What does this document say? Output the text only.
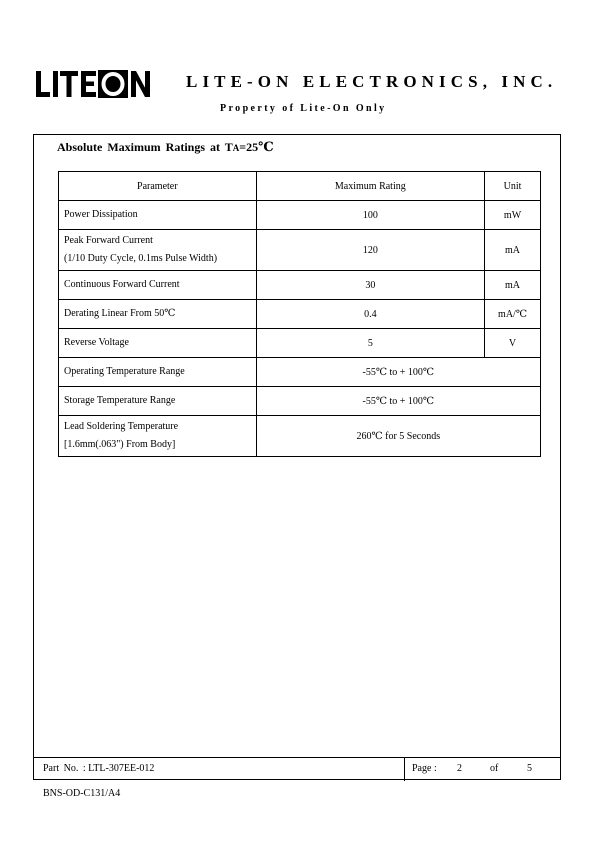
LITE-ON ELECTRONICS, INC.
Property of Lite-On Only
Absolute Maximum Ratings at TA=25℃
Parameter	Maximum Rating	Unit
Power Dissipation	100	mW

Peak Forward Current
(1/10 Duty Cycle, 0.1ms Pulse Width)	120	mA
Continuous Forward Current	30	mA
Derating Linear From 50℃	0.4	mA/℃
Reverse Voltage	5	V
Operating Temperature Range	-55℃ to + 100℃	
Storage Temperature Range	-55℃ to + 100℃	

Lead Soldering Temperature
[1.6mm(.063") From Body]	260℃ for 5 Seconds	
Part No. : LTL-307EE-012	Page : 2	of	5
BNS-OD-C131/A4
